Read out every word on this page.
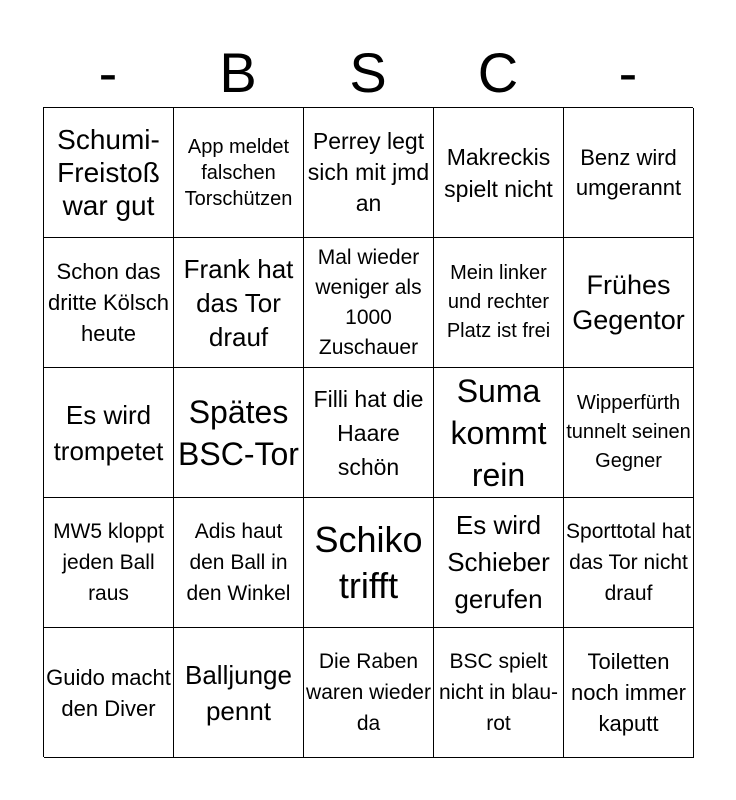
-	B	S	C	-
Schumi-Freistoß war gut
App meldet falschen Torschützen
Perrey legt sich mit jmd an
Makreckis spielt nicht
Benz wird umgerannt
Schon das dritte Kölsch heute
Frank hat das Tor drauf
Mal wieder weniger als 1000 Zuschauer
Mein linker und rechter Platz ist frei
Frühes Gegentor
Es wird trompetet
Spätes BSC-Tor
Filli hat die Haare schön
Suma kommt rein
Wipperfürth tunnelt seinen Gegner
MW5 kloppt jeden Ball raus
Adis haut den Ball in den Winkel
Schiko trifft
Es wird Schieber gerufen
Sporttotal hat das Tor nicht drauf
Guido macht den Diver
Balljunge pennt
Die Raben waren wieder da
BSC spielt nicht in blau-rot
Toiletten noch immer kaputt
